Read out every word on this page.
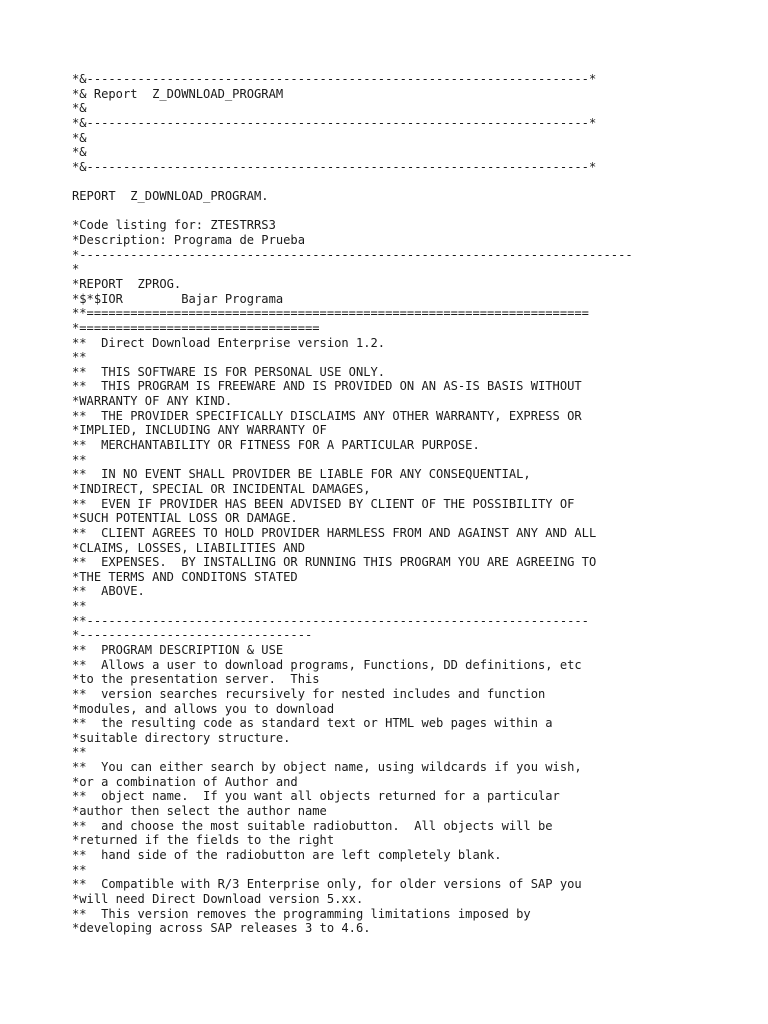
*&---------------------------------------------------------------------*
*& Report  Z_DOWNLOAD_PROGRAM
*&
*&---------------------------------------------------------------------*
*&
*&
*&---------------------------------------------------------------------*
REPORT  Z_DOWNLOAD_PROGRAM.
*Code listing for: ZTESTRRS3
*Description: Programa de Prueba
*----------------------------------------------------------------------------
*
*REPORT  ZPROG.
*$*$IOR        Bajar Programa
**=====================================================================
*=================================
**  Direct Download Enterprise version 1.2.
**
**  THIS SOFTWARE IS FOR PERSONAL USE ONLY.
**  THIS PROGRAM IS FREEWARE AND IS PROVIDED ON AN AS-IS BASIS WITHOUT
*WARRANTY OF ANY KIND.
**  THE PROVIDER SPECIFICALLY DISCLAIMS ANY OTHER WARRANTY, EXPRESS OR
*IMPLIED, INCLUDING ANY WARRANTY OF
**  MERCHANTABILITY OR FITNESS FOR A PARTICULAR PURPOSE.
**
**  IN NO EVENT SHALL PROVIDER BE LIABLE FOR ANY CONSEQUENTIAL,
*INDIRECT, SPECIAL OR INCIDENTAL DAMAGES,
**  EVEN IF PROVIDER HAS BEEN ADVISED BY CLIENT OF THE POSSIBILITY OF
*SUCH POTENTIAL LOSS OR DAMAGE.
**  CLIENT AGREES TO HOLD PROVIDER HARMLESS FROM AND AGAINST ANY AND ALL
*CLAIMS, LOSSES, LIABILITIES AND
**  EXPENSES.  BY INSTALLING OR RUNNING THIS PROGRAM YOU ARE AGREEING TO
*THE TERMS AND CONDITONS STATED
**  ABOVE.
**
**---------------------------------------------------------------------
*--------------------------------
**  PROGRAM DESCRIPTION & USE
**  Allows a user to download programs, Functions, DD definitions, etc
*to the presentation server.  This
**  version searches recursively for nested includes and function
*modules, and allows you to download
**  the resulting code as standard text or HTML web pages within a
*suitable directory structure.
**
**  You can either search by object name, using wildcards if you wish,
*or a combination of Author and
**  object name.  If you want all objects returned for a particular
*author then select the author name
**  and choose the most suitable radiobutton.  All objects will be
*returned if the fields to the right
**  hand side of the radiobutton are left completely blank.
**
**  Compatible with R/3 Enterprise only, for older versions of SAP you
*will need Direct Download version 5.xx.
**  This version removes the programming limitations imposed by
*developing across SAP releases 3 to 4.6.
